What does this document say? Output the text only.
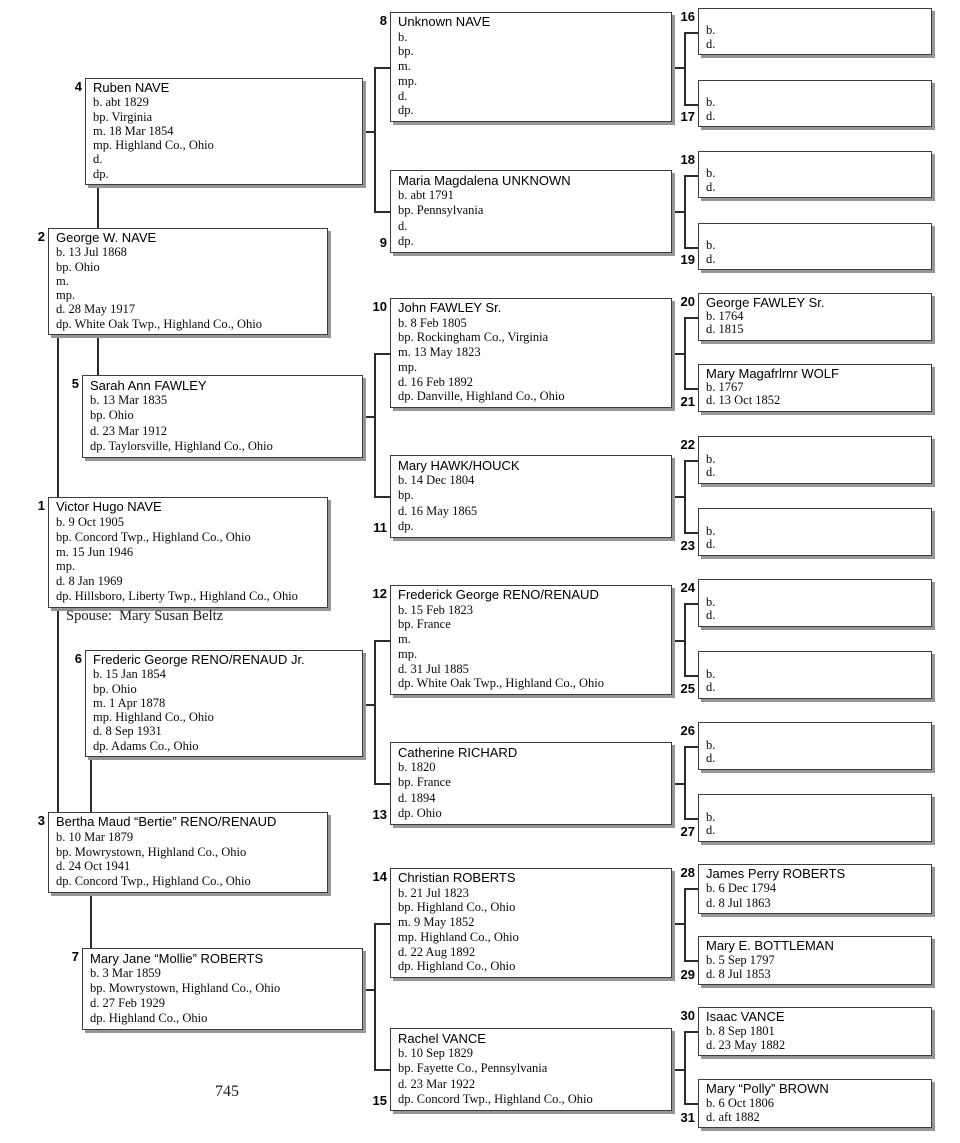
1 Victor Hugo NAVE
b. 9 Oct 1905
bp. Concord Twp., Highland Co., Ohio
m. 15 Jun 1946
mp.
d. 8 Jan 1969
dp. Hillsboro, Liberty Twp., Highland Co., Ohio
2 George W. NAVE
b. 13 Jul 1868
bp. Ohio
m.
mp.
d. 28 May 1917
dp. White Oak Twp., Highland Co., Ohio
3 Bertha Maud “Bertie” RENO/RENAUD
b. 10 Mar 1879
bp. Mowrystown, Highland Co., Ohio
d. 24 Oct 1941
dp. Concord Twp., Highland Co., Ohio
4 Ruben NAVE
b. abt 1829
bp. Virginia
m. 18 Mar 1854
mp. Highland Co., Ohio
d.
dp.
5 Sarah Ann FAWLEY
b. 13 Mar 1835
bp. Ohio
d. 23 Mar 1912
dp. Taylorsville, Highland Co., Ohio
6 Frederic George RENO/RENAUD Jr.
b. 15 Jan 1854
bp. Ohio
m. 1 Apr 1878
mp. Highland Co., Ohio
d. 8 Sep 1931
dp. Adams Co., Ohio
7 Mary Jane “Mollie” ROBERTS
b. 3 Mar 1859
bp. Mowrystown, Highland Co., Ohio
d. 27 Feb 1929
dp. Highland Co., Ohio
8 Unknown NAVE
b.
bp.
m.
mp.
d.
dp.
9
Maria Magdalena UNKNOWN
b. abt 1791
bp. Pennsylvania
d.
dp.
10 John FAWLEY Sr.
b. 8 Feb 1805
bp. Rockingham Co., Virginia
m. 13 May 1823
mp.
d. 16 Feb 1892
dp. Danville, Highland Co., Ohio
11
Mary HAWK/HOUCK
b. 14 Dec 1804
bp.
d. 16 May 1865
dp.
12 Frederick George RENO/RENAUD
b. 15 Feb 1823
bp. France
m.
mp.
d. 31 Jul 1885
dp. White Oak Twp., Highland Co., Ohio
13
Catherine RICHARD
b. 1820
bp. France
d. 1894
dp. Ohio
14 Christian ROBERTS
b. 21 Jul 1823
bp. Highland Co., Ohio
m. 9 May 1852
mp. Highland Co., Ohio
d. 22 Aug 1892
dp. Highland Co., Ohio
15
Rachel VANCE
b. 10 Sep 1829
bp. Fayette Co., Pennsylvania
d. 23 Mar 1922
dp. Concord Twp., Highland Co., Ohio
16
b.
d.
17
b.
d.
18
b.
d.
19
b.
d.
20 George FAWLEY Sr.
b. 1764
d. 1815
21
Mary Magafrlrnr WOLF
b. 1767
d. 13 Oct 1852
22
b.
d.
23
b.
d.
24
b.
d.
25
b.
d.
26
b.
d.
27
b.
d.
28 James Perry ROBERTS
b. 6 Dec 1794
d. 8 Jul 1863
29
Mary E. BOTTLEMAN
b. 5 Sep 1797
d. 8 Jul 1853
30 Isaac VANCE
b. 8 Sep 1801
d. 23 May 1882
31
Mary “Polly” BROWN
b. 6 Oct 1806
d. aft 1882
Spouse:  Mary Susan Beltz
745
